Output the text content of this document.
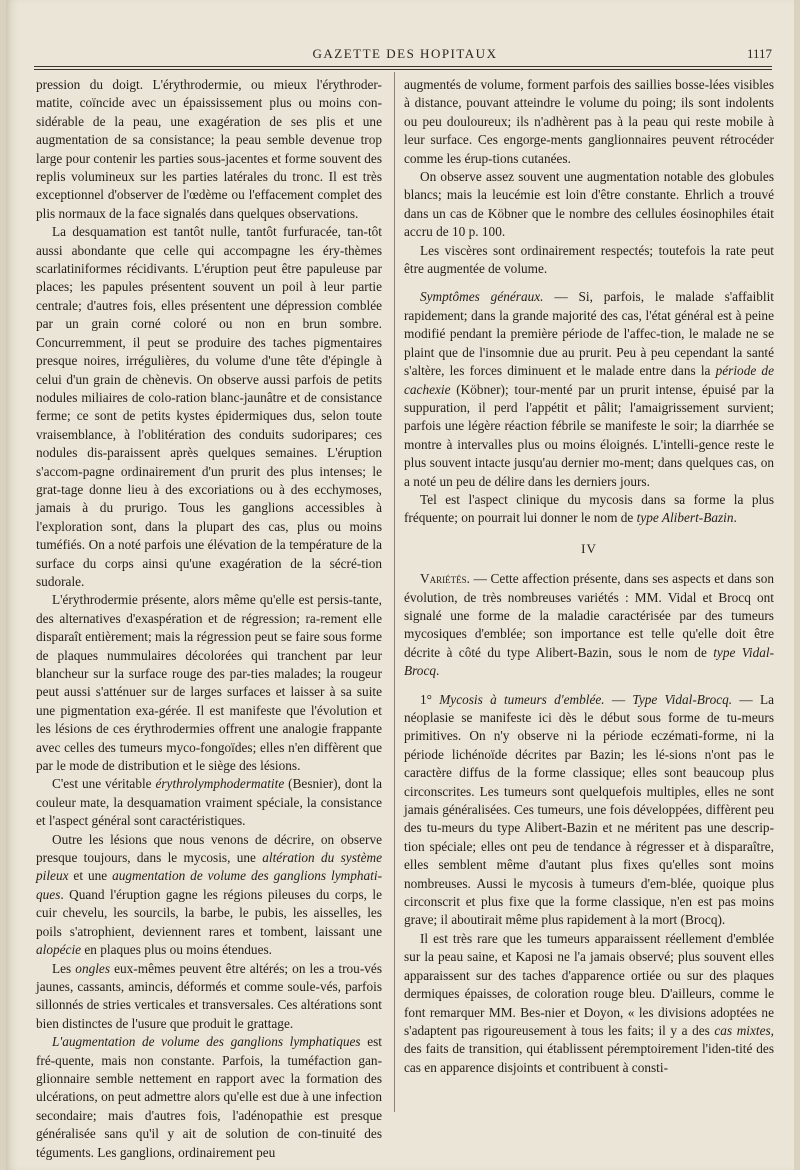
GAZETTE DES HOPITAUX	1117

pression du doigt. L'érythrodermie, ou mieux l'érythroder-matite, coïncide avec un épaississement plus ou moins con-sidérable de la peau, une exagération de ses plis et une augmentation de sa consistance; la peau semble devenue trop large pour contenir les parties sous-jacentes et forme souvent des replis volumineux sur les parties latérales du tronc. Il est très exceptionnel d'observer de l'œdème ou l'effacement complet des plis normaux de la face signalés dans quelques observations.

La desquamation est tantôt nulle, tantôt furfuracée, tan-tôt aussi abondante que celle qui accompagne les éry-thèmes scarlatiniformes récidivants. L'éruption peut être papuleuse par places; les papules présentent souvent un poil à leur partie centrale; d'autres fois, elles présentent une dépression comblée par un grain corné coloré ou non en brun sombre. Concurremment, il peut se produire des taches pigmentaires presque noires, irrégulières, du volume d'une tête d'épingle à celui d'un grain de chènevis. On observe aussi parfois de petits nodules miliaires de colo-ration blanc-jaunâtre et de consistance ferme; ce sont de petits kystes épidermiques dus, selon toute vraisemblance, à l'oblitération des conduits sudoripares; ces nodules dis-paraissent après quelques semaines. L'éruption s'accom-pagne ordinairement d'un prurit des plus intenses; le grat-tage donne lieu à des excoriations ou à des ecchymoses, jamais à du prurigo. Tous les ganglions accessibles à l'exploration sont, dans la plupart des cas, plus ou moins tuméfiés. On a noté parfois une élévation de la température de la surface du corps ainsi qu'une exagération de la sécré-tion sudorale.

L'érythrodermie présente, alors même qu'elle est persis-tante, des alternatives d'exaspération et de régression; ra-rement elle disparaît entièrement; mais la régression peut se faire sous forme de plaques nummulaires décolorées qui tranchent par leur blancheur sur la surface rouge des par-ties malades; la rougeur peut aussi s'atténuer sur de larges surfaces et laisser à sa suite une pigmentation exa-gérée. Il est manifeste que l'évolution et les lésions de ces érythrodermies offrent une analogie frappante avec celles des tumeurs myco-fongoïdes; elles n'en diffèrent que par le mode de distribution et le siège des lésions.

C'est une véritable érythrolymphodermatite (Besnier), dont la couleur mate, la desquamation vraiment spéciale, la consistance et l'aspect général sont caractéristiques.

Outre les lésions que nous venons de décrire, on observe presque toujours, dans le mycosis, une altération du système pileux et une augmentation de volume des ganglions lymphati-ques. Quand l'éruption gagne les régions pileuses du corps, le cuir chevelu, les sourcils, la barbe, le pubis, les aisselles, les poils s'atrophient, deviennent rares et tombent, laissant une alopécie en plaques plus ou moins étendues.

Les ongles eux-mêmes peuvent être altérés; on les a trou-vés jaunes, cassants, amincis, déformés et comme soule-vés, parfois sillonnés de stries verticales et transversales. Ces altérations sont bien distinctes de l'usure que produit le grattage.

L'augmentation de volume des ganglions lymphatiques est fré-quente, mais non constante. Parfois, la tuméfaction gan-glionnaire semble nettement en rapport avec la formation des ulcérations, on peut admettre alors qu'elle est due à une infection secondaire; mais d'autres fois, l'adénopathie est presque généralisée sans qu'il y ait de solution de con-tinuité des téguments. Les ganglions, ordinairement peu

augmentés de volume, forment parfois des saillies bosse-lées visibles à distance, pouvant atteindre le volume du poing; ils sont indolents ou peu douloureux; ils n'adhèrent pas à la peau qui reste mobile à leur surface. Ces engorge-ments ganglionnaires peuvent rétrocéder comme les érup-tions cutanées.

On observe assez souvent une augmentation notable des globules blancs; mais la leucémie est loin d'être constante. Ehrlich a trouvé dans un cas de Köbner que le nombre des cellules éosinophiles était accru de 10 p. 100.

Les viscères sont ordinairement respectés; toutefois la rate peut être augmentée de volume.

Symptômes généraux. — Si, parfois, le malade s'affaiblit rapidement; dans la grande majorité des cas, l'état général est à peine modifié pendant la première période de l'affec-tion, le malade ne se plaint que de l'insomnie due au prurit. Peu à peu cependant la santé s'altère, les forces diminuent et le malade entre dans la période de cachexie (Köbner); tour-menté par un prurit intense, épuisé par la suppuration, il perd l'appétit et pâlit; l'amaigrissement survient; parfois une légère réaction fébrile se manifeste le soir; la diarrhée se montre à intervalles plus ou moins éloignés. L'intelli-gence reste le plus souvent intacte jusqu'au dernier mo-ment; dans quelques cas, on a noté un peu de délire dans les derniers jours.

Tel est l'aspect clinique du mycosis dans sa forme la plus fréquente; on pourrait lui donner le nom de type Alibert-Bazin.

IV

Variétés. — Cette affection présente, dans ses aspects et dans son évolution, de très nombreuses variétés : MM. Vidal et Brocq ont signalé une forme de la maladie caractérisée par des tumeurs mycosiques d'emblée; son importance est telle qu'elle doit être décrite à côté du type Alibert-Bazin, sous le nom de type Vidal-Brocq.

1° Mycosis à tumeurs d'emblée. — Type Vidal-Brocq. — La néoplasie se manifeste ici dès le début sous forme de tu-meurs primitives. On n'y observe ni la période eczémati-forme, ni la période lichénoïde décrites par Bazin; les lé-sions n'ont pas le caractère diffus de la forme classique; elles sont beaucoup plus circonscrites. Les tumeurs sont quelquefois multiples, elles ne sont jamais généralisées. Ces tumeurs, une fois développées, diffèrent peu des tu-meurs du type Alibert-Bazin et ne méritent pas une descrip-tion spéciale; elles ont peu de tendance à régresser et à disparaître, elles semblent même d'autant plus fixes qu'elles sont moins nombreuses. Aussi le mycosis à tumeurs d'em-blée, quoique plus circonscrit et plus fixe que la forme classique, n'en est pas moins grave; il aboutirait même plus rapidement à la mort (Brocq).

Il est très rare que les tumeurs apparaissent réellement d'emblée sur la peau saine, et Kaposi ne l'a jamais observé; plus souvent elles apparaissent sur des taches d'apparence ortiée ou sur des plaques dermiques épaisses, de coloration rouge bleu. D'ailleurs, comme le font remarquer MM. Bes-nier et Doyon, « les divisions adoptées ne s'adaptent pas rigoureusement à tous les faits; il y a des cas mixtes, des faits de transition, qui établissent péremptoirement l'iden-tité des cas en apparence disjoints et contribuent à consti-
